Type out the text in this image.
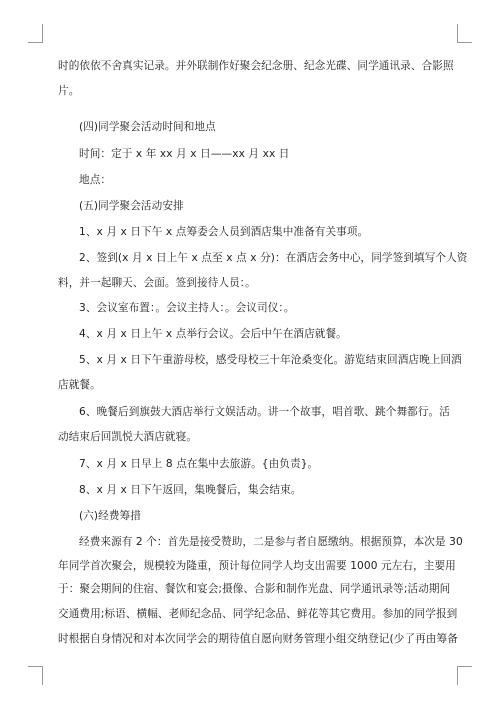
时的依依不舍真实记录。并外联制作好聚会纪念册、纪念光碟、同学通讯录、合影照
片。
(四)同学聚会活动时间和地点
时间：定于 x 年 xx 月 x 日——xx 月 xx 日
地点：
(五)同学聚会活动安排
1、x 月 x 日下午 x 点筹委会人员到酒店集中准备有关事项。
2、签到(x 月 x 日上午 x 点至 x 点 x 分)：在酒店会务中心，同学签到填写个人资
料，并一起聊天、会面。签到接待人员：。
3、会议室布置：。会议主持人：。会议司仪：。
4、x 月 x 日上午 x 点举行会议。会后中午在酒店就餐。
5、x 月 x 日下午重游母校，感受母校三十年沧桑变化。游览结束回酒店晚上回酒
店就餐。
6、晚餐后到旗鼓大酒店举行文娱活动。讲一个故事，唱首歌、跳个舞都行。活
动结束后回凯悦大酒店就寝。
7、x 月 x 日早上 8 点在集中去旅游。{由负责}。
8、x 月 x 日下午返回，集晚餐后，集会结束。
(六)经费筹措
经费来源有 2 个：首先是接受赞助，二是参与者自愿缴纳。根据预算，本次是 30
年同学首次聚会，规模较为隆重，预计每位同学人均支出需要 1000 元左右，主要用
于：聚会期间的住宿、餐饮和宴会;摄像、合影和制作光盘、同学通讯录等;活动期间
交通费用;标语、横幅、老师纪念品、同学纪念品、鲜花等其它费用。参加的同学报到
时根据自身情况和对本次同学会的期待值自愿向财务管理小组交纳登记(少了再由筹备
